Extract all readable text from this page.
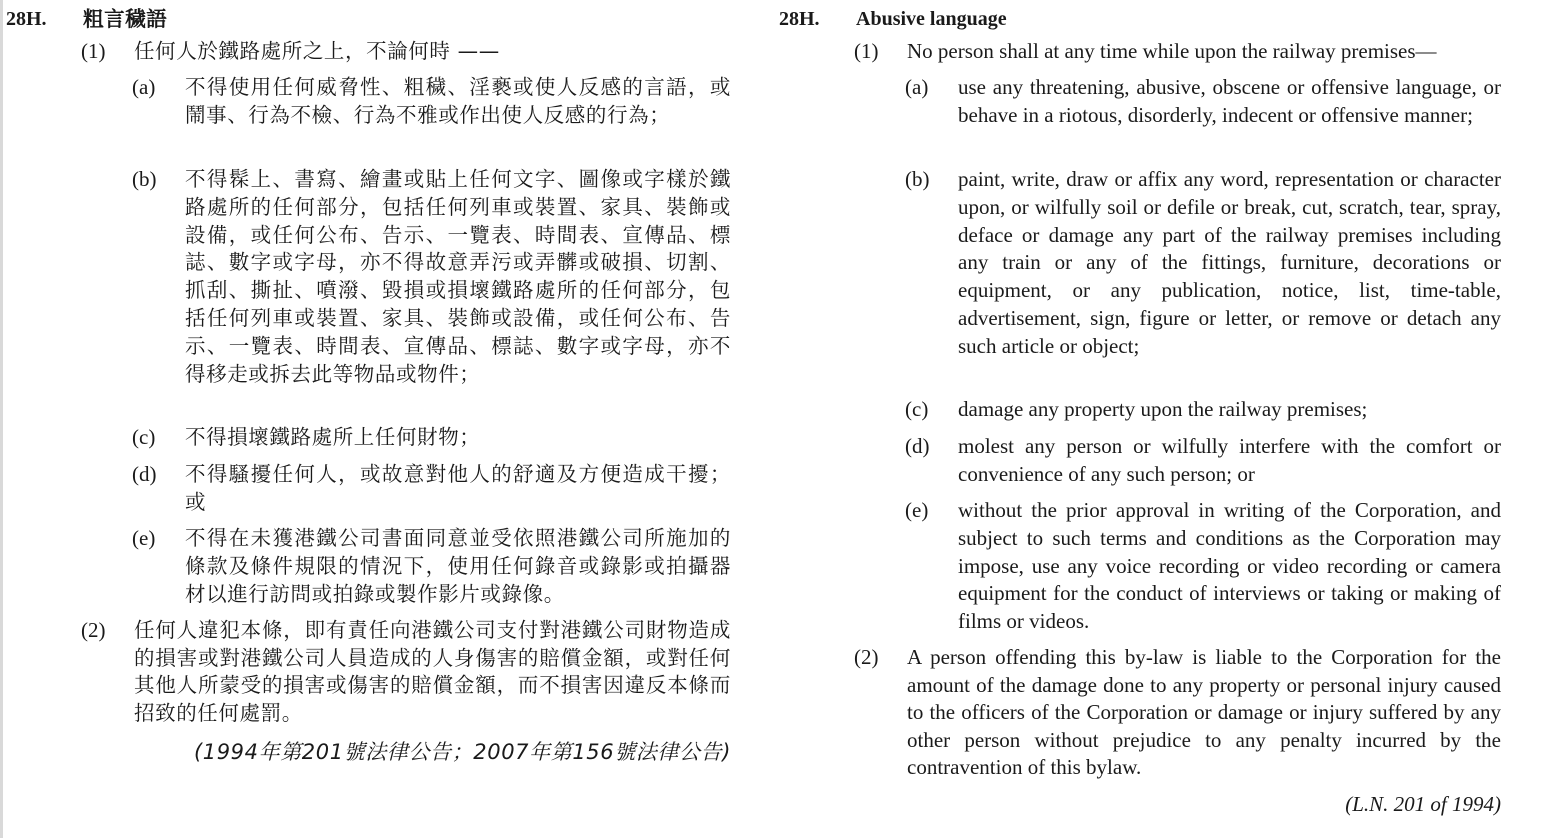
28H. 粗言穢語
(1) 任何人於鐵路處所之上，不論何時 ——
(a) 不得使用任何威脅性、粗穢、淫褻或使人反感的言語，或鬧事、行為不檢、行為不雅或作出使人反感的行為；
(b) 不得髹上、書寫、繪畫或貼上任何文字、圖像或字樣於鐵路處所的任何部分，包括任何列車或裝置、家具、裝飾或設備，或任何公布、告示、一覽表、時間表、宣傳品、標誌、數字或字母，亦不得故意弄污或弄髒或破損、切割、抓刮、撕扯、噴潑、毀損或損壞鐵路處所的任何部分，包括任何列車或裝置、家具、裝飾或設備，或任何公布、告示、一覽表、時間表、宣傳品、標誌、數字或字母，亦不得移走或拆去此等物品或物件；
(c) 不得損壞鐵路處所上任何財物；
(d) 不得騷擾任何人，或故意對他人的舒適及方便造成干擾；或
(e) 不得在未獲港鐵公司書面同意並受依照港鐵公司所施加的條款及條件規限的情況下，使用任何錄音或錄影或拍攝器材以進行訪問或拍錄或製作影片或錄像。
(2) 任何人違犯本條，即有責任向港鐵公司支付對港鐵公司財物造成的損害或對港鐵公司人員造成的人身傷害的賠償金額，或對任何其他人所蒙受的損害或傷害的賠償金額，而不損害因違反本條而招致的任何處罰。
(1994年第201號法律公告；2007年第156號法律公告)
28H. Abusive language
(1) No person shall at any time while upon the railway premises—
(a) use any threatening, abusive, obscene or offensive language, or behave in a riotous, disorderly, indecent or offensive manner;
(b) paint, write, draw or affix any word, representation or character upon, or wilfully soil or defile or break, cut, scratch, tear, spray, deface or damage any part of the railway premises including any train or any of the fittings, furniture, decorations or equipment, or any publication, notice, list, time-table, advertisement, sign, figure or letter, or remove or detach any such article or object;
(c) damage any property upon the railway premises;
(d) molest any person or wilfully interfere with the comfort or convenience of any such person; or
(e) without the prior approval in writing of the Corporation, and subject to such terms and conditions as the Corporation may impose, use any voice recording or video recording or camera equipment for the conduct of interviews or taking or making of films or videos.
(2) A person offending this by-law is liable to the Corporation for the amount of the damage done to any property or personal injury caused to the officers of the Corporation or damage or injury suffered by any other person without prejudice to any penalty incurred by the contravention of this bylaw.
(L.N. 201 of 1994)
